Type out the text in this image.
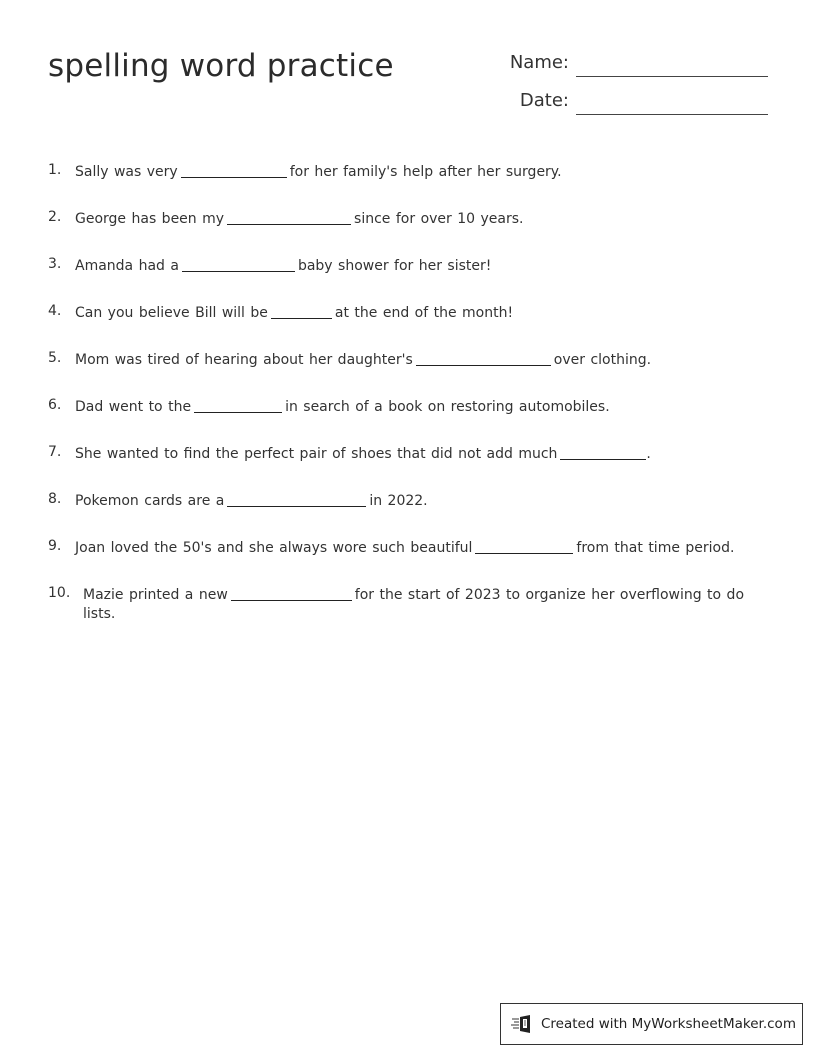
spelling word practice	Name:
Date:
1. Sally was very	for her family's help after her surgery.
2. George has been my	since for over 10 years.
3. Amanda had a	baby shower for her sister!
4. Can you believe Bill will be	at the end of the month!
5. Mom was tired of hearing about her daughter's	over clothing.
6. Dad went to the	in search of a book on restoring automobiles.
7. She wanted to find the perfect pair of shoes that did not add much	.
8. Pokemon cards are a	in 2022.
9. Joan loved the 50's and she always wore such beautiful	from that time period.
10. Mazie printed a new	for the start of 2023 to organize her overflowing to do lists.
Created with MyWorksheetMaker.com
